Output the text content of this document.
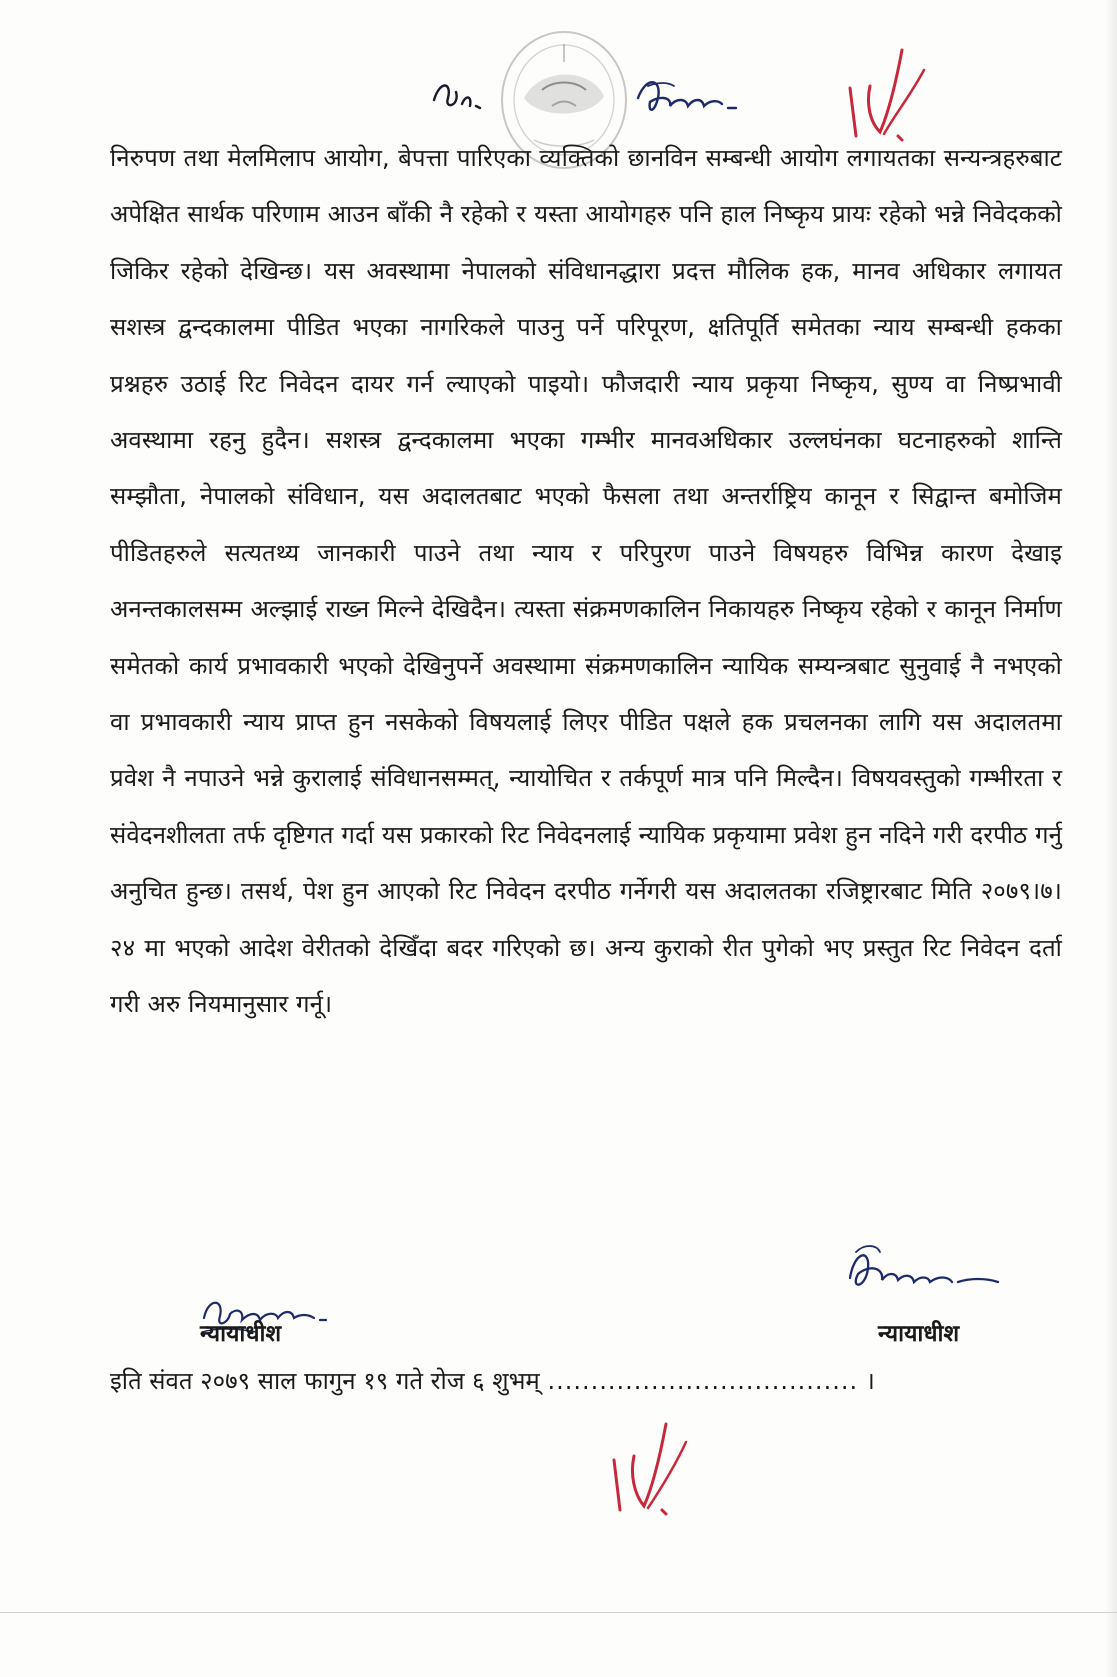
निरुपण तथा मेलमिलाप आयोग, बेपत्ता पारिएका व्यक्तिको छानविन सम्बन्धी आयोग लगायतका सन्यन्त्रहरुबाट अपेक्षित सार्थक परिणाम आउन बाँकी नै रहेको र यस्ता आयोगहरु पनि हाल निष्कृय प्रायः रहेको भन्ने निवेदकको जिकिर रहेको देखिन्छ। यस अवस्थामा नेपालको संविधानद्धारा प्रदत्त मौलिक हक, मानव अधिकार लगायत सशस्त्र द्वन्दकालमा पीडित भएका नागरिकले पाउनु पर्ने परिपूरण, क्षतिपूर्ति समेतका न्याय सम्बन्धी हकका प्रश्नहरु उठाई रिट निवेदन दायर गर्न ल्याएको पाइयो। फौजदारी न्याय प्रकृया निष्कृय, सुण्य वा निष्प्रभावी अवस्थामा रहनु हुदैन। सशस्त्र द्वन्दकालमा भएका गम्भीर मानवअधिकार उल्लघंनका घटनाहरुको शान्ति सम्झौता, नेपालको संविधान, यस अदालतबाट भएको फैसला तथा अन्तर्राष्ट्रिय कानून र सिद्वान्त बमोजिम पीडितहरुले सत्यतथ्य जानकारी पाउने तथा न्याय र परिपुरण पाउने विषयहरु विभिन्न कारण देखाइ अनन्तकालसम्म अल्झाई राख्न मिल्ने देखिदैन। त्यस्ता संक्रमणकालिन निकायहरु निष्कृय रहेको र कानून निर्माण समेतको कार्य प्रभावकारी भएको देखिनुपर्ने अवस्थामा संक्रमणकालिन न्यायिक सम्यन्त्रबाट सुनुवाई नै नभएको वा प्रभावकारी न्याय प्राप्त हुन नसकेको विषयलाई लिएर पीडित पक्षले हक प्रचलनका लागि यस अदालतमा प्रवेश नै नपाउने भन्ने कुरालाई संविधानसम्मत्, न्यायोचित र तर्कपूर्ण मात्र पनि मिल्दैन। विषयवस्तुको गम्भीरता र संवेदनशीलता तर्फ दृष्टिगत गर्दा यस प्रकारको रिट निवेदनलाई न्यायिक प्रकृयामा प्रवेश हुन नदिने गरी दरपीठ गर्नु अनुचित हुन्छ। तसर्थ, पेश हुन आएको रिट निवेदन दरपीठ गर्नेगरी यस अदालतका रजिष्ट्रारबाट मिति २०७९।७।२४ मा भएको आदेश वेरीतको देखिँदा बदर गरिएको छ। अन्य कुराको रीत पुगेको भए प्रस्तुत रिट निवेदन दर्ता गरी अरु नियमानुसार गर्नू।

न्यायाधीश
न्यायाधीश
इति संवत २०७९ साल फागुन १९ गते रोज ६ शुभम् .................................... ।
